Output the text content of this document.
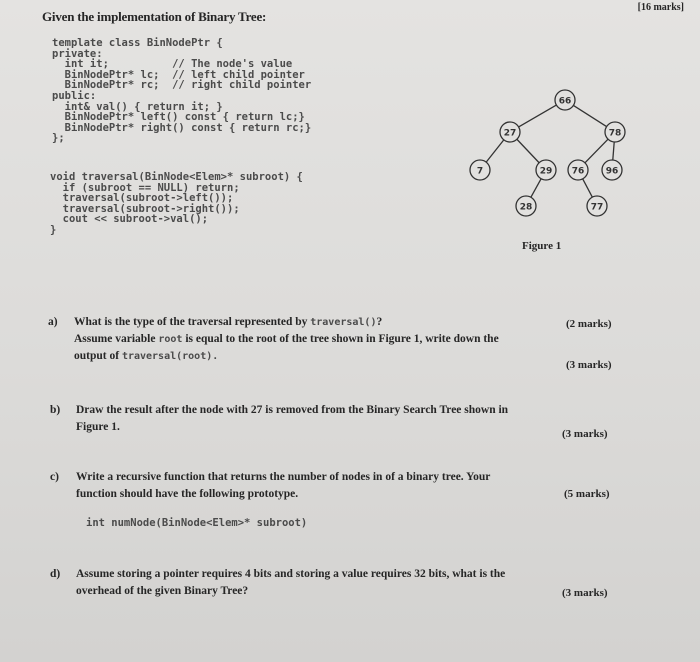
Given the implementation of Binary Tree:
[16 marks]
template class BinNodePtr {
private:
int it;          // The node's value
BinNodePtr* lc;  // left child pointer
BinNodePtr* rc;  // right child pointer
public:
int& val() { return it; }
BinNodePtr* left() const { return lc;}
BinNodePtr* right() const { return rc;}
};
void traversal(BinNode<Elem>* subroot) {
if (subroot == NULL) return;
traversal(subroot->left());
traversal(subroot->right());
cout << subroot->val();
}
66
27	78
7	29 76 96
28	77
Figure 1
a)	What is the type of the traversal represented by traversal()?	(2 marks)
Assume variable root is equal to the root of the tree shown in Figure 1, write down the
output of traversal(root).
(3 marks)
b)	Draw the result after the node with 27 is removed from the Binary Search Tree shown in
Figure 1.
(3 marks)
c)	Write a recursive function that returns the number of nodes in of a binary tree. Your
function should have the following prototype.	(5 marks)
int numNode(BinNode<Elem>* subroot)
d)	Assume storing a pointer requires 4 bits and storing a value requires 32 bits, what is the
overhead of the given Binary Tree?	(3 marks)
